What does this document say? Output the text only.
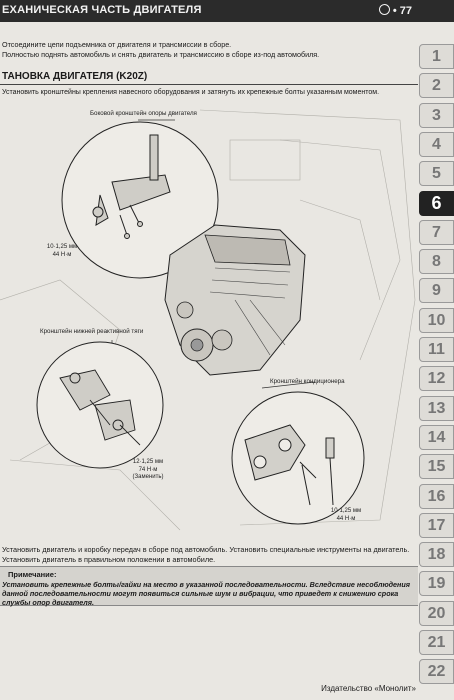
ЕХАНИЧЕСКАЯ ЧАСТЬ ДВИГАТЕЛЯ	• 77
Отсоедините цепи подъемника от двигателя и трансмиссии в сборе.
Полностью поднять автомобиль и снять двигатель и трансмиссию в сборе из-под автомобиля.
ТАНОВКА ДВИГАТЕЛЯ (K20Z)
Установить кронштейны крепления навесного оборудования и затянуть их крепежные болты указанным моментом.
Боковой кронштейн опоры двигателя
Кронштейн нижней реактивной тяги
Кронштейн кондиционера
10·1,25 мм
44 Н·м
12·1,25 мм
74 Н·м
(Заменить)
10·1,25 мм
44 Н·м
Установить двигатель и коробку передач в сборе под автомобиль. Установить специальные инструменты на двигатель. Установить двигатель в правильном положении в автомобиле.
Примечание:
Установить крепежные болты/гайки на место в указанной последовательности. Вследствие несоблюдения данной последовательности могут появиться сильные шум и вибрации, что приведет к снижению срока службы опор двигателя.
Издательство «Монолит»
1
2
3
4
5
6
7
8
9
10
11
12
13
14
15
16
17
18
19
20
21
22
